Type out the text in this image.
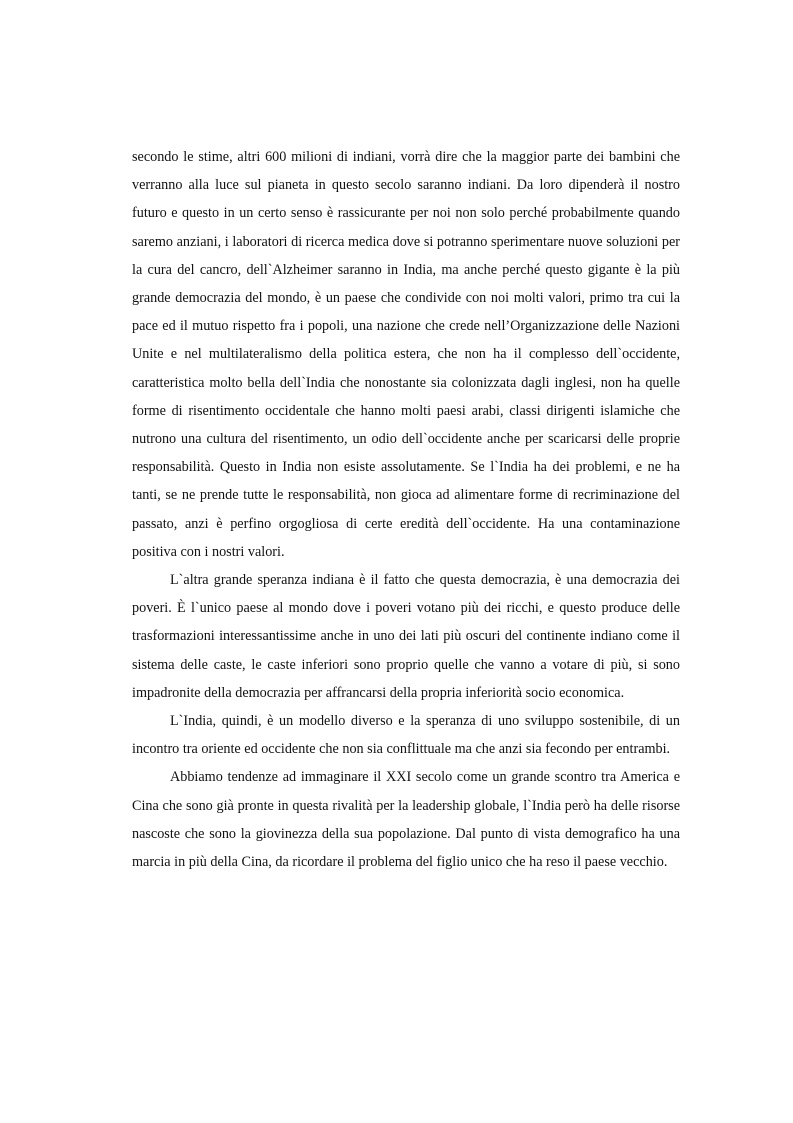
secondo le stime, altri 600 milioni di indiani, vorrà dire che la maggior parte dei bambini che verranno alla luce sul pianeta in questo secolo saranno indiani. Da loro dipenderà il nostro futuro e questo in un certo senso è rassicurante per noi non solo perché probabilmente quando saremo anziani, i laboratori di ricerca medica dove si potranno sperimentare nuove soluzioni per la cura del cancro, dell`Alzheimer saranno in India, ma anche perché questo gigante è la più grande democrazia del mondo, è un paese che condivide con noi molti valori, primo tra cui la pace ed il mutuo rispetto fra i popoli, una nazione che crede nell’Organizzazione delle Nazioni Unite e nel multilateralismo della politica estera, che non ha il complesso dell`occidente, caratteristica molto bella dell`India che nonostante sia colonizzata dagli inglesi, non ha quelle forme di risentimento occidentale che hanno molti paesi arabi, classi dirigenti islamiche che nutrono una cultura del risentimento, un odio dell`occidente anche per scaricarsi delle proprie responsabilità. Questo in India non esiste assolutamente. Se l`India ha dei problemi, e ne ha tanti, se ne prende tutte le responsabilità, non gioca ad alimentare forme di recriminazione del passato, anzi è perfino orgogliosa di certe eredità dell`occidente. Ha una contaminazione positiva con i nostri valori.

L`altra grande speranza indiana è il fatto che questa democrazia, è una democrazia dei poveri. È l`unico paese al mondo dove i poveri votano più dei ricchi, e questo produce delle trasformazioni interessantissime anche in uno dei lati più oscuri del continente indiano come il sistema delle caste, le caste inferiori sono proprio quelle che vanno a votare di più, si sono impadronite della democrazia per affrancarsi della propria inferiorità socio economica.

L`India, quindi, è un modello diverso e la speranza di uno sviluppo sostenibile, di un incontro tra oriente ed occidente che non sia conflittuale ma che anzi sia fecondo per entrambi.

Abbiamo tendenze ad immaginare il XXI secolo come un grande scontro tra America e Cina che sono già pronte in questa rivalità per la leadership globale, l`India però ha delle risorse nascoste che sono la giovinezza della sua popolazione. Dal punto di vista demografico ha una marcia in più della Cina, da ricordare il problema del figlio unico che ha reso il paese vecchio.
